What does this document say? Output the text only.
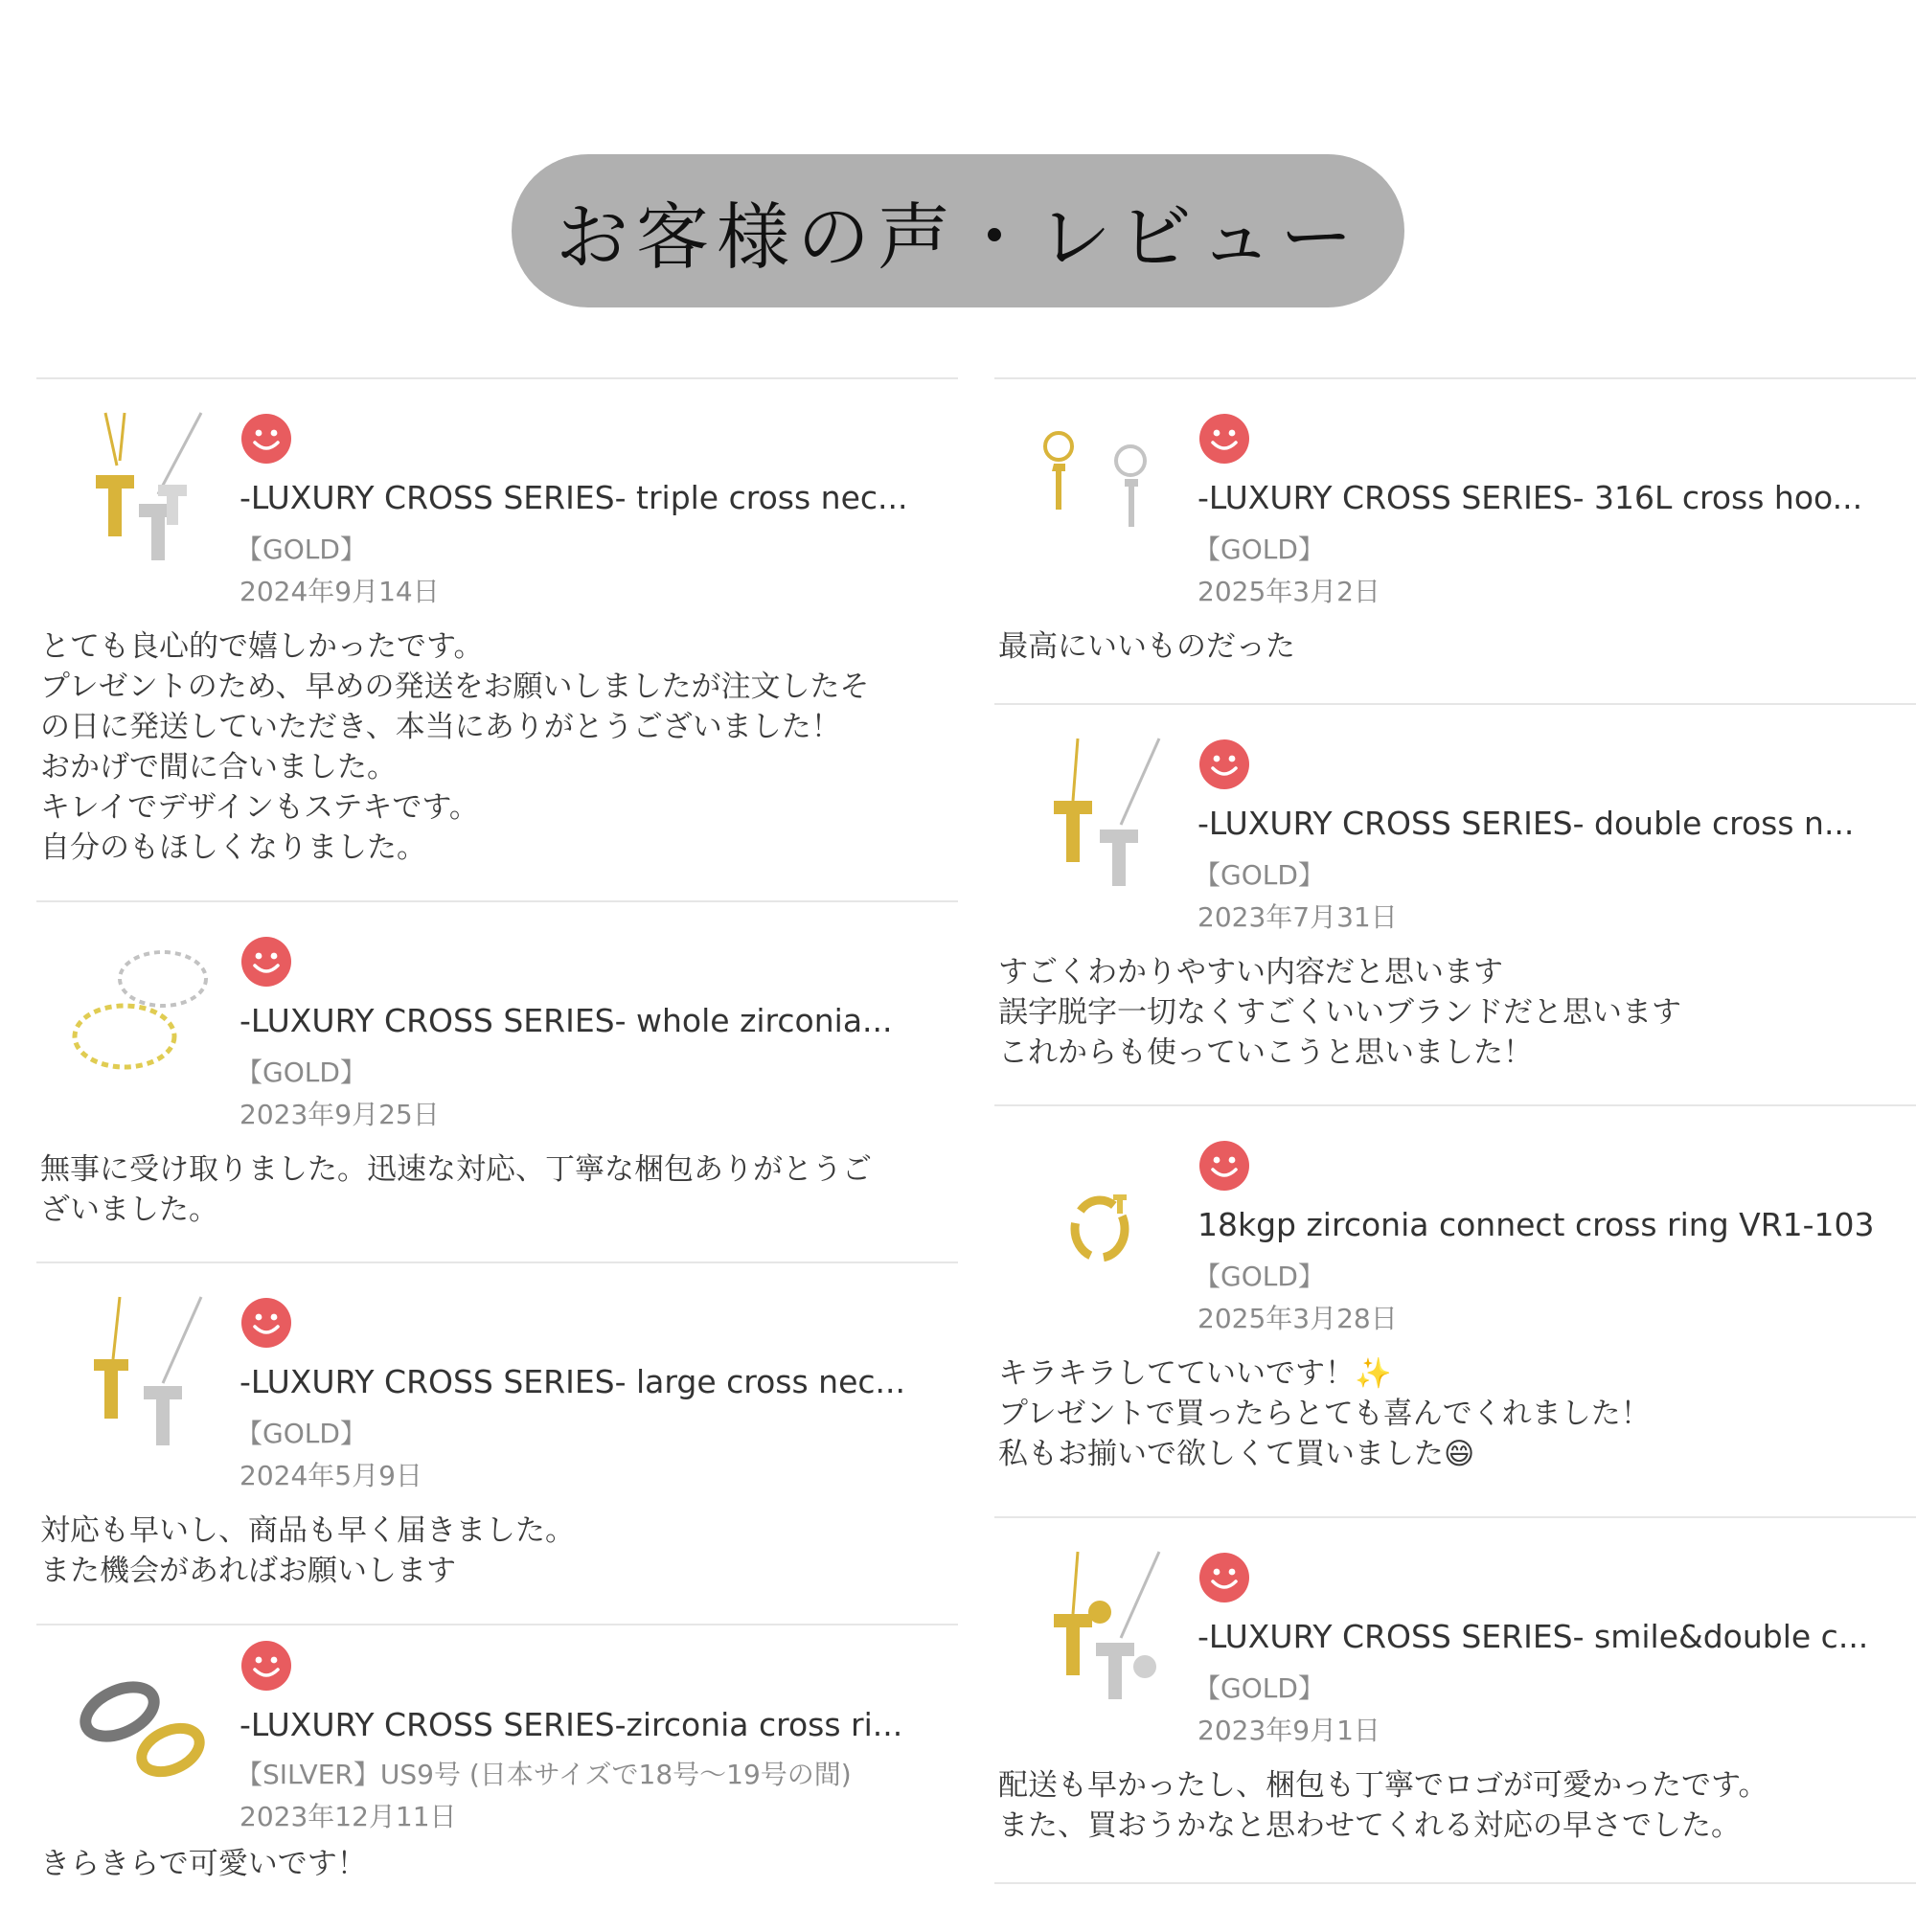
お客様の声・レビュー
-LUXURY CROSS SERIES- triple cross nec...
【GOLD】
2024年9月14日
とても良心的で嬉しかったです。
プレゼントのため、早めの発送をお願いしましたが注文したそ
の日に発送していただき、本当にありがとうございました！
おかげで間に合いました。
キレイでデザインもステキです。
自分のもほしくなりました。
-LUXURY CROSS SERIES- whole zirconia...
【GOLD】
2023年9月25日
無事に受け取りました。迅速な対応、丁寧な梱包ありがとうご
ざいました。
-LUXURY CROSS SERIES- large cross nec...
【GOLD】
2024年5月9日
対応も早いし、商品も早く届きました。
また機会があればお願いします
-LUXURY CROSS SERIES-zirconia cross ri...
【SILVER】US9号 (日本サイズで18号～19号の間)
2023年12月11日
きらきらで可愛いです！
-LUXURY CROSS SERIES- 316L cross hoo...
【GOLD】
2025年3月2日
最高にいいものだった
-LUXURY CROSS SERIES- double cross n...
【GOLD】
2023年7月31日
すごくわかりやすい内容だと思います
誤字脱字一切なくすごくいいブランドだと思います
これからも使っていこうと思いました！
18kgp zirconia connect cross ring VR1-103
【GOLD】
2025年3月28日
キラキラしてていいです！✨
プレゼントで買ったらとても喜んでくれました！
私もお揃いで欲しくて買いました😄
-LUXURY CROSS SERIES- smile&double c...
【GOLD】
2023年9月1日
配送も早かったし、梱包も丁寧でロゴが可愛かったです。
また、買おうかなと思わせてくれる対応の早さでした。
